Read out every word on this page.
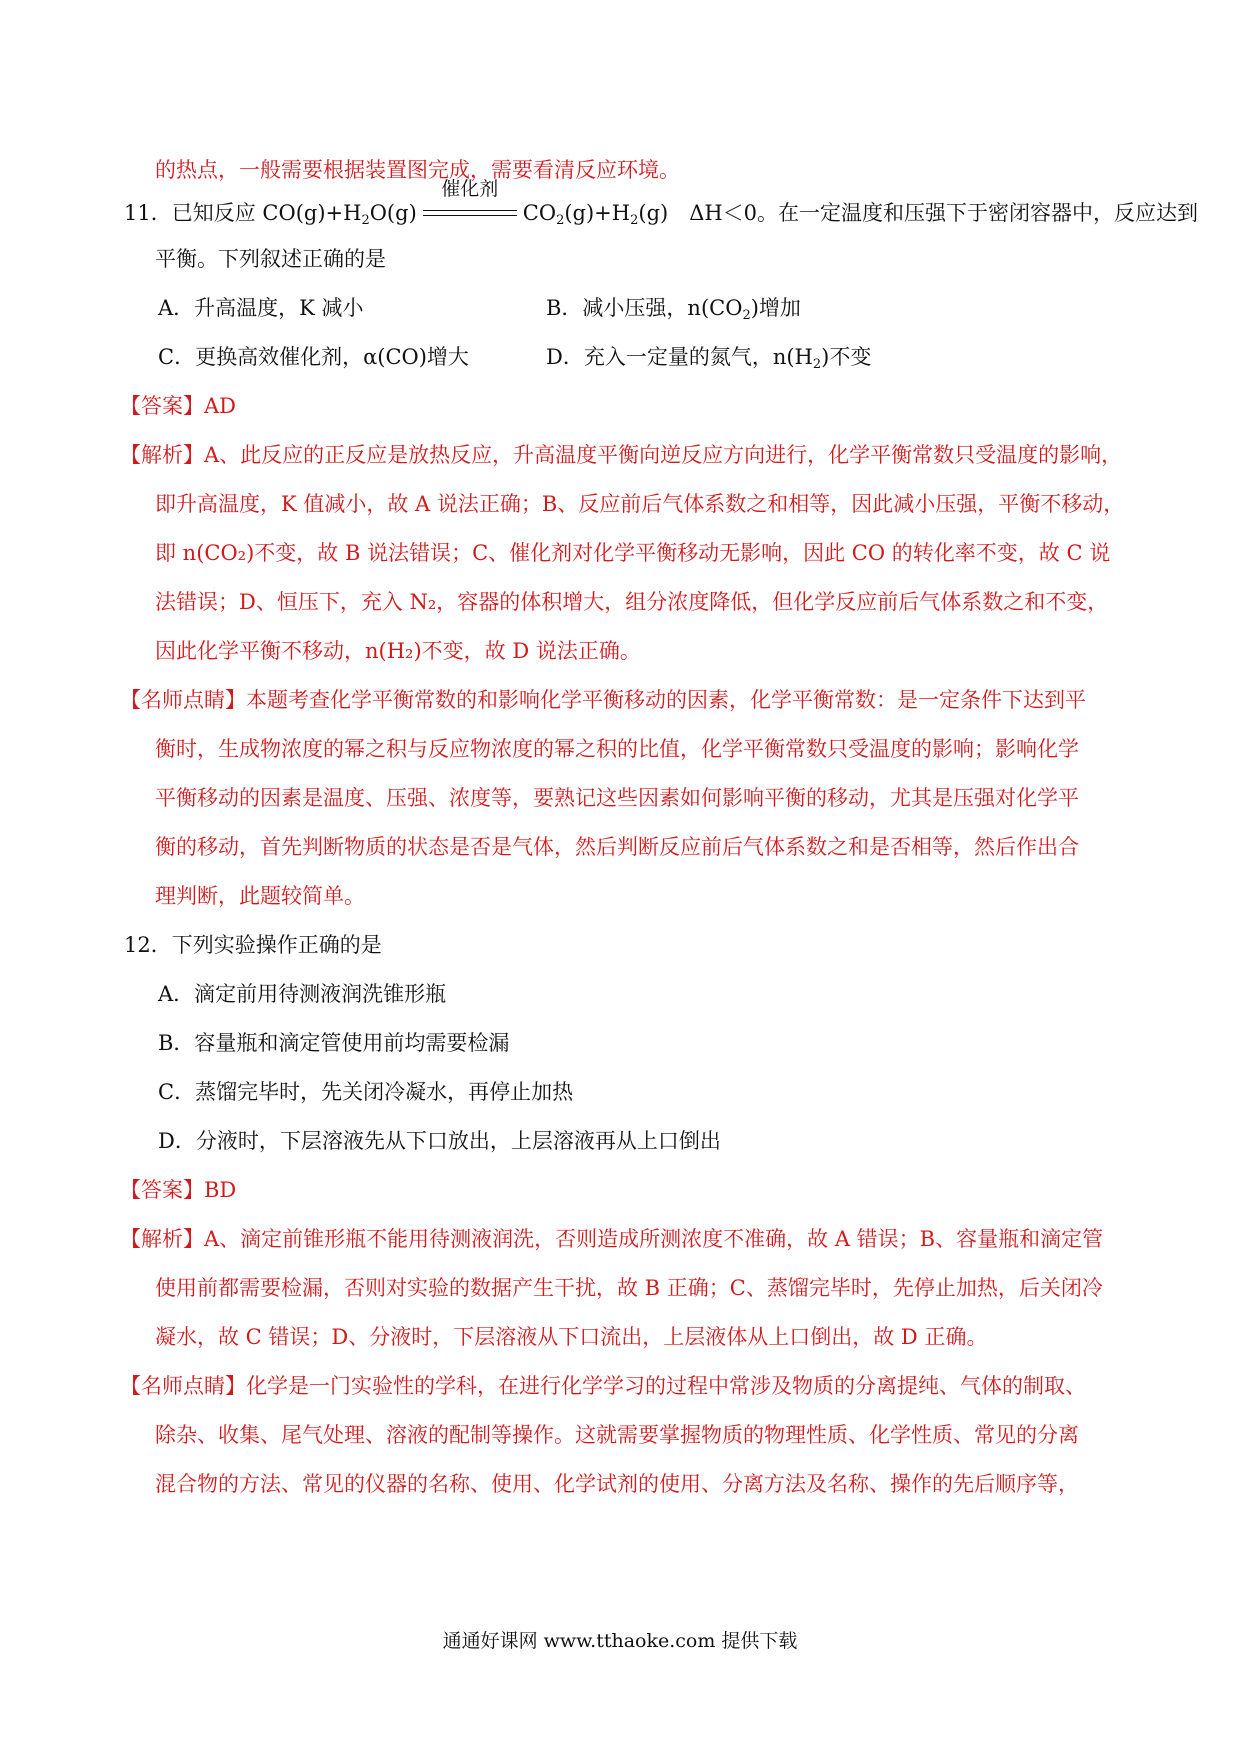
的热点，一般需要根据装置图完成，需要看清反应环境。
11．已知反应 $CO(g)+H_2O(g)$
催化剂
$CO_2(g)+H_2(g)$　ΔH＜0。在一定温度和压强下于密闭容器中，反应达到
平衡。下列叙述正确的是
A．升高温度，K 减小	B．减小压强，$n(CO_2)$增加
C．更换高效催化剂，α(CO)增大	D．充入一定量的氮气，$n(H_2)$不变
【答案】AD
【解析】A、此反应的正反应是放热反应，升高温度平衡向逆反应方向进行，化学平衡常数只受温度的影响，
即升高温度，K 值减小，故 A 说法正确；B、反应前后气体系数之和相等，因此减小压强，平衡不移动，
即 n(CO₂)不变，故 B 说法错误；C、催化剂对化学平衡移动无影响，因此 CO 的转化率不变，故 C 说
法错误；D、恒压下，充入 N₂，容器的体积增大，组分浓度降低，但化学反应前后气体系数之和不变，
因此化学平衡不移动，n(H₂)不变，故 D 说法正确。
【名师点睛】本题考查化学平衡常数的和影响化学平衡移动的因素，化学平衡常数：是一定条件下达到平
衡时，生成物浓度的幂之积与反应物浓度的幂之积的比值，化学平衡常数只受温度的影响；影响化学
平衡移动的因素是温度、压强、浓度等，要熟记这些因素如何影响平衡的移动，尤其是压强对化学平
衡的移动，首先判断物质的状态是否是气体，然后判断反应前后气体系数之和是否相等，然后作出合
理判断，此题较简单。
12．下列实验操作正确的是
A．滴定前用待测液润洗锥形瓶
B．容量瓶和滴定管使用前均需要检漏
C．蒸馏完毕时，先关闭冷凝水，再停止加热
D．分液时，下层溶液先从下口放出，上层溶液再从上口倒出
【答案】BD
【解析】A、滴定前锥形瓶不能用待测液润洗，否则造成所测浓度不准确，故 A 错误；B、容量瓶和滴定管
使用前都需要检漏，否则对实验的数据产生干扰，故 B 正确；C、蒸馏完毕时，先停止加热，后关闭冷
凝水，故 C 错误；D、分液时，下层溶液从下口流出，上层液体从上口倒出，故 D 正确。
【名师点睛】化学是一门实验性的学科，在进行化学学习的过程中常涉及物质的分离提纯、气体的制取、
除杂、收集、尾气处理、溶液的配制等操作。这就需要掌握物质的物理性质、化学性质、常见的分离
混合物的方法、常见的仪器的名称、使用、化学试剂的使用、分离方法及名称、操作的先后顺序等，
通通好课网 www.tthaoke.com 提供下载
